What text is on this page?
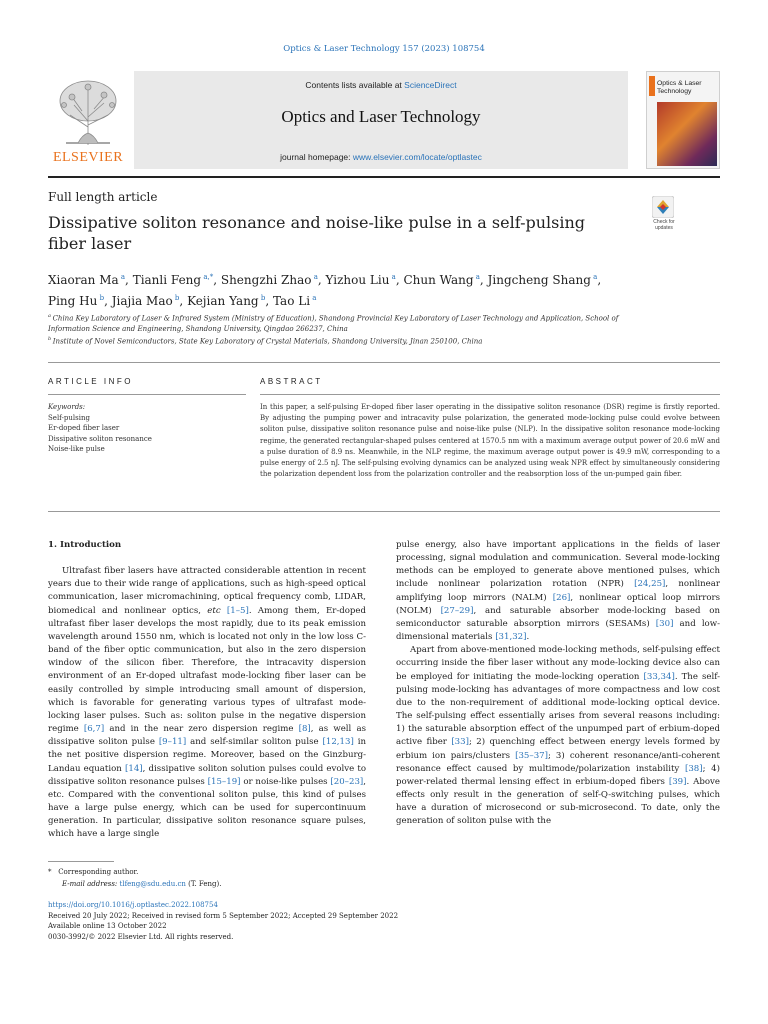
Optics & Laser Technology 157 (2023) 108754
ELSEVIER
Contents lists available at ScienceDirect
Optics and Laser Technology
journal homepage: www.elsevier.com/locate/optlastec
Optics & Laser
Technology
Full length article
Dissipative soliton resonance and noise-like pulse in a self-pulsing fiber laser
Check for
updates
Xiaoran Ma $^a$, Tianli Feng $^{a,*}$, Shengzhi Zhao $^a$, Yizhou Liu $^a$, Chun Wang $^a$, Jingcheng Shang $^a$,
Ping Hu $^b$, Jiajia Mao $^b$, Kejian Yang $^b$, Tao Li $^a$
$^a$ China Key Laboratory of Laser & Infrared System (Ministry of Education), Shandong Provincial Key Laboratory of Laser Technology and Application, School of Information Science and Engineering, Shandong University, Qingdao 266237, China
$^b$ Institute of Novel Semiconductors, State Key Laboratory of Crystal Materials, Shandong University, Jinan 250100, China
ARTICLE INFO	ABSTRACT
Keywords:
Self-pulsing
Er-doped fiber laser
Dissipative soliton resonance
Noise-like pulse
In this paper, a self-pulsing Er-doped fiber laser operating in the dissipative soliton resonance (DSR) regime is firstly reported. By adjusting the pumping power and intracavity pulse polarization, the generated mode-locking pulse could evolve between soliton pulse, dissipative soliton resonance pulse and noise-like pulse (NLP). In the dissipative soliton resonance mode-locking regime, the generated rectangular-shaped pulses centered at 1570.5 nm with a maximum average output power of 20.6 mW and a pulse duration of 8.9 ns. Meanwhile, in the NLP regime, the maximum average output power is 49.9 mW, corresponding to a pulse energy of 2.5 nJ. The self-pulsing evolving dynamics can be analyzed using weak NPR effect by simultaneously considering the polarization dependent loss from the polarization controller and the reabsorption loss of the un-pumped gain fiber.

1. Introduction

Ultrafast fiber lasers have attracted considerable attention in recent years due to their wide range of applications, such as high-speed optical communication, laser micromachining, optical frequency comb, LIDAR, biomedical and nonlinear optics, etc [1–5]. Among them, Er-doped ultrafast fiber laser develops the most rapidly, due to its peak emission wavelength around 1550 nm, which is located not only in the low loss C-band of the fiber optic communication, but also in the zero dispersion window of the silicon fiber. Therefore, the intracavity dispersion environment of an Er-doped ultrafast mode-locking fiber laser can be easily controlled by simple introducing small amount of dispersion, which is favorable for generating various types of ultrafast mode-locking laser pulses. Such as: soliton pulse in the negative dispersion regime [6,7] and in the near zero dispersion regime [8], as well as dissipative soliton pulse [9–11] and self-similar soliton pulse [12,13] in the net positive dispersion regime. Moreover, based on the Ginzburg-Landau equation [14], dissipative soliton solution pulses could evolve to dissipative soliton resonance pulses [15–19] or noise-like pulses [20–23], etc. Compared with the conventional soliton pulse, this kind of pulses have a large pulse energy, which can be used for supercontinuum generation. In particular, dissipative soliton resonance square pulses, which have a large single

pulse energy, also have important applications in the fields of laser processing, signal modulation and communication. Several mode-locking methods can be employed to generate above mentioned pulses, which include nonlinear polarization rotation (NPR) [24,25], nonlinear amplifying loop mirrors (NALM) [26], nonlinear optical loop mirrors (NOLM) [27–29], and saturable absorber mode-locking based on semiconductor saturable absorption mirrors (SESAMs) [30] and low-dimensional materials [31,32].

Apart from above-mentioned mode-locking methods, self-pulsing effect occurring inside the fiber laser without any mode-locking device also can be employed for initiating the mode-locking operation [33,34]. The self-pulsing mode-locking has advantages of more compactness and low cost due to the non-requirement of additional mode-locking optical device. The self-pulsing effect essentially arises from several reasons including: 1) the saturable absorption effect of the unpumped part of erbium-doped active fiber [33]; 2) quenching effect between energy levels formed by erbium ion pairs/clusters [35–37]; 3) coherent resonance/anti-coherent resonance effect caused by multimode/polarization instability [38]; 4) power-related thermal lensing effect in erbium-doped fibers [39]. Above effects only result in the generation of self-Q-switching pulses, which have a duration of microsecond or sub-microsecond. To date, only the generation of soliton pulse with the

* Corresponding author.
E-mail address: tlfeng@sdu.edu.cn (T. Feng).
https://doi.org/10.1016/j.optlastec.2022.108754
Received 20 July 2022; Received in revised form 5 September 2022; Accepted 29 September 2022
Available online 13 October 2022
0030-3992/© 2022 Elsevier Ltd. All rights reserved.
